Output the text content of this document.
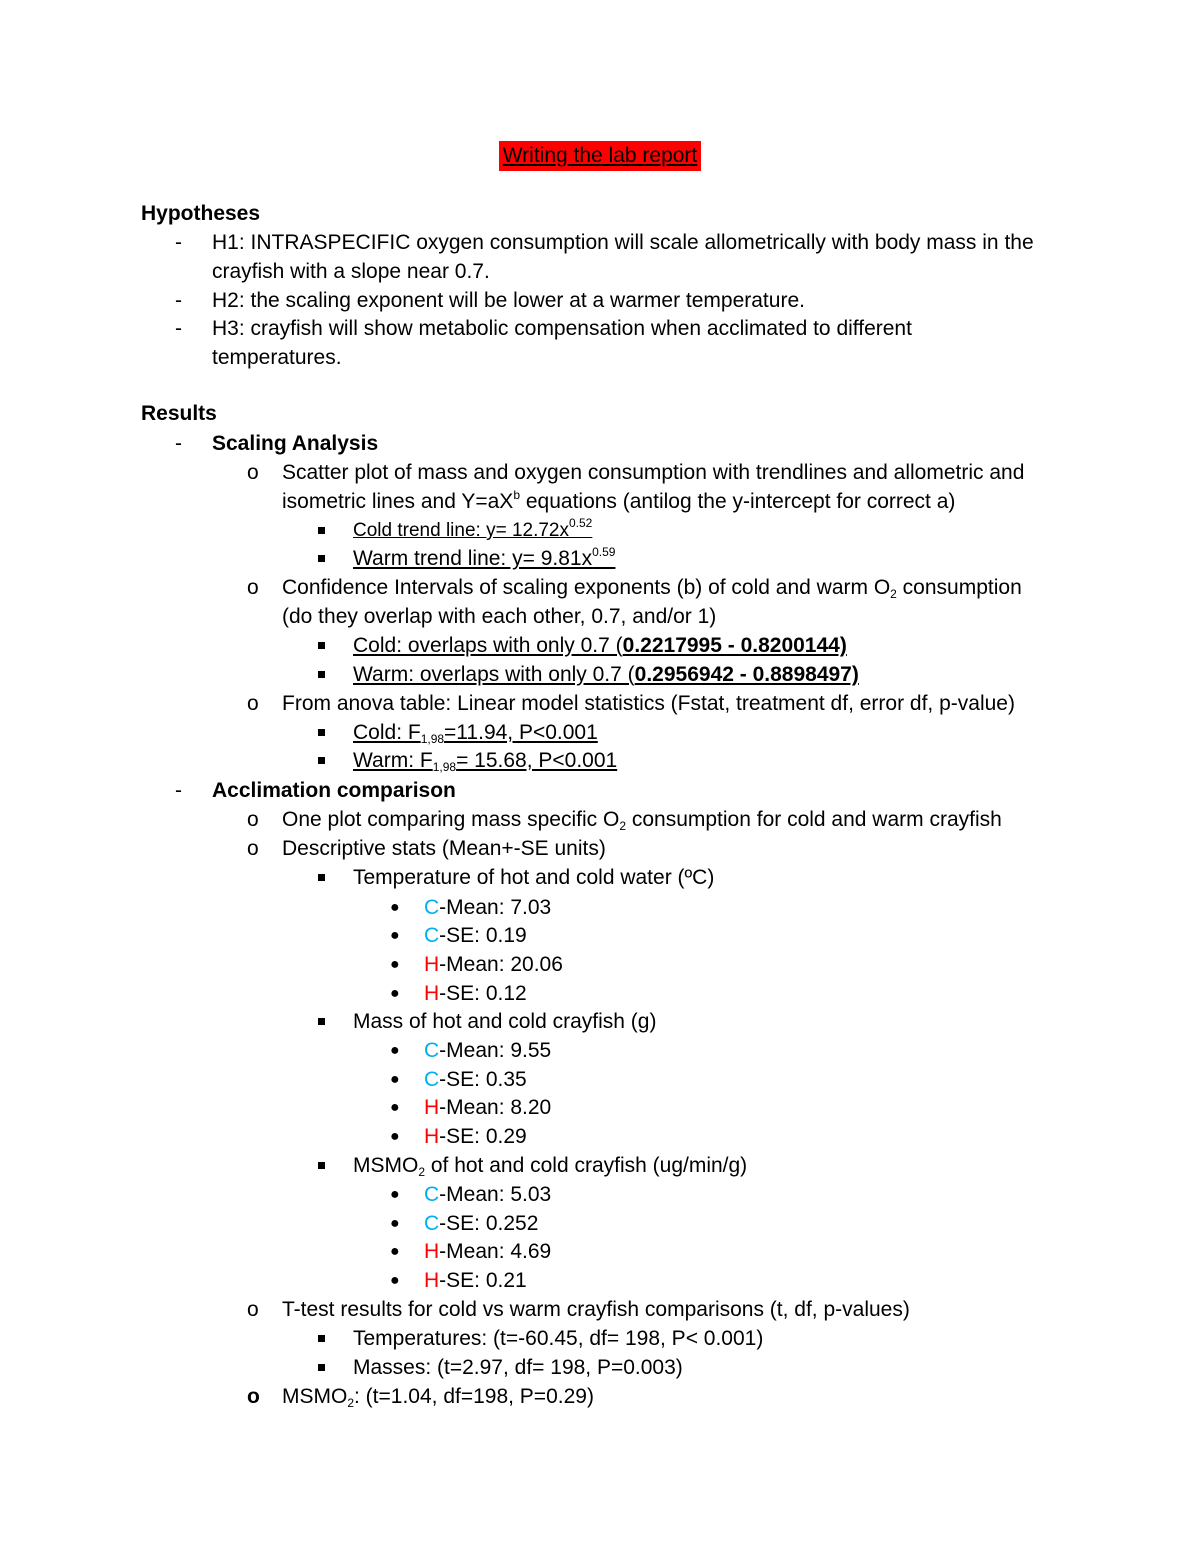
Writing the lab report
Hypotheses
- H1: INTRASPECIFIC oxygen consumption will scale allometrically with body mass in the
crayfish with a slope near 0.7.
- H2: the scaling exponent will be lower at a warmer temperature.
- H3: crayfish will show metabolic compensation when acclimated to different
temperatures.
Results
- Scaling Analysis
o Scatter plot of mass and oxygen consumption with trendlines and allometric and
isometric lines and $Y=aX^b$ equations (antilog the y-intercept for correct a)
Cold trend line: $y= 12.72x^{0.52}$
Warm trend line: $y= 9.81x^{0.59}$
o Confidence Intervals of scaling exponents (b) of cold and warm $O_2$ consumption
(do they overlap with each other, 0.7, and/or 1)
Cold: overlaps with only 0.7 (0.2217995 - 0.8200144)
Warm: overlaps with only 0.7 (0.2956942 - 0.8898497)
o From anova table: Linear model statistics (Fstat, treatment df, error df, p-value)
Cold: $F_{1,98}=11.94$, P<0.001
Warm: $F_{1,98}= 15.68$, P<0.001
- Acclimation comparison
o One plot comparing mass specific $O_2$ consumption for cold and warm crayfish
o Descriptive stats (Mean+-SE units)
Temperature of hot and cold water (ºC)
● C-Mean: 7.03
● C-SE: 0.19
● H-Mean: 20.06
● H-SE: 0.12
Mass of hot and cold crayfish (g)
● C-Mean: 9.55
● C-SE: 0.35
● H-Mean: 8.20
● H-SE: 0.29
$MSMO_2$ of hot and cold crayfish (ug/min/g)
● C-Mean: 5.03
● C-SE: 0.252
● H-Mean: 4.69
● H-SE: 0.21
o T-test results for cold vs warm crayfish comparisons (t, df, p-values)
Temperatures: (t=-60.45, df= 198, P< 0.001)
Masses: (t=2.97, df= 198, P=0.003)
o $MSMO_2$: (t=1.04, df=198, P=0.29)
